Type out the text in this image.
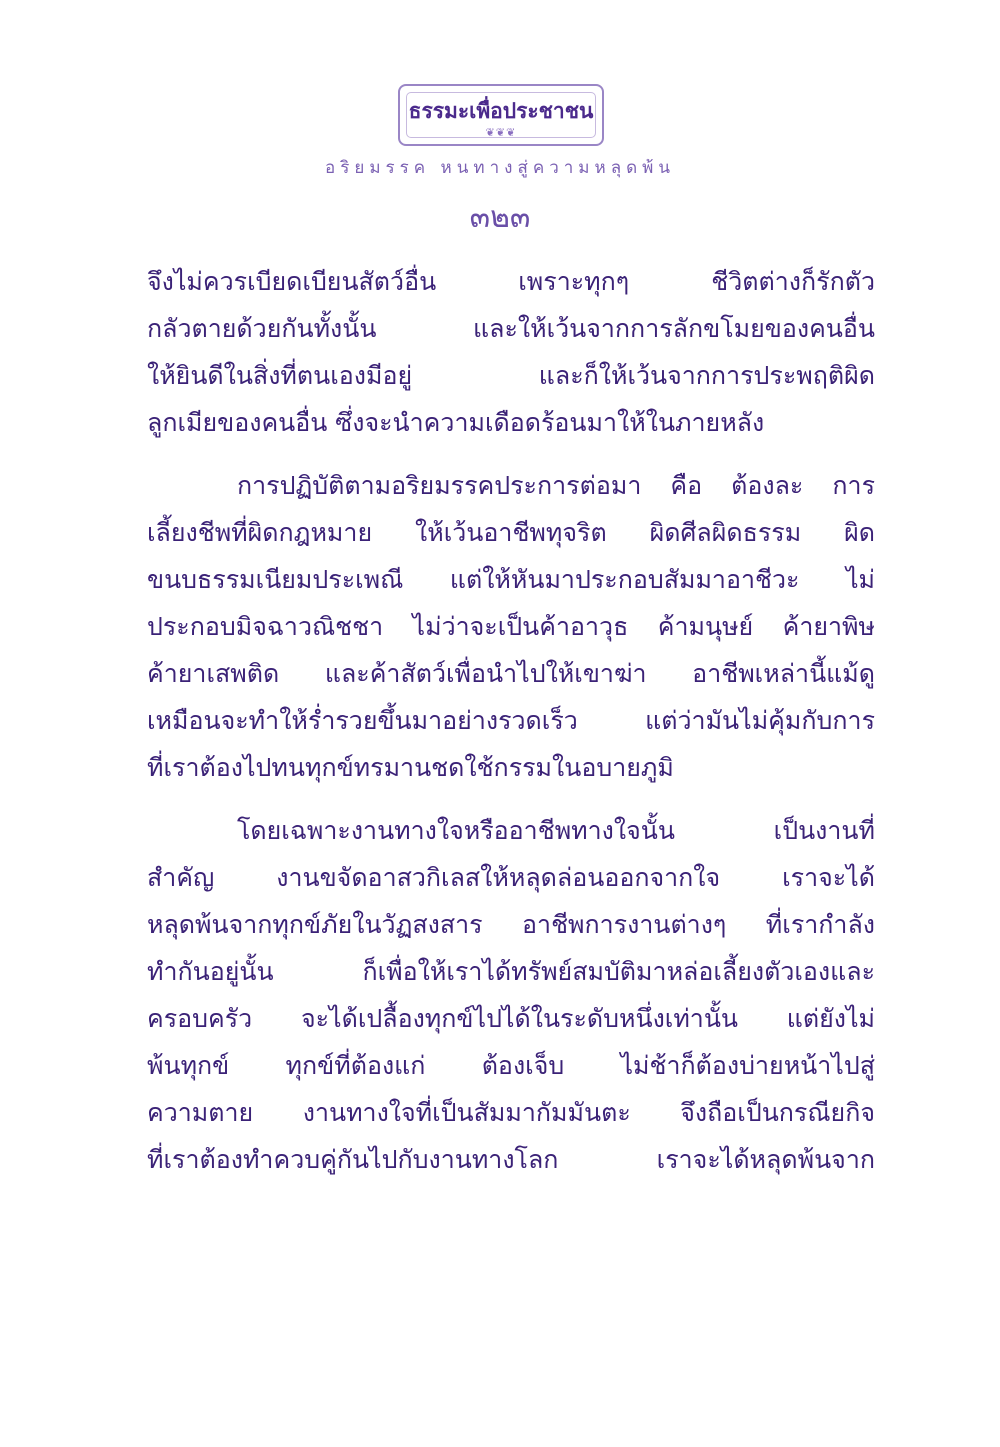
ธรรมะเพื่อประชาชน
❦❦❦
อริยมรรค หนทางสู่ความหลุดพ้น
๓๒๓
จึงไม่ควรเบียดเบียนสัตว์อื่น เพราะทุกๆ ชีวิตต่างก็รักตัว
กลัวตายด้วยกันทั้งนั้น และให้เว้นจากการลักขโมยของคนอื่น
ให้ยินดีในสิ่งที่ตนเองมีอยู่ และก็ให้เว้นจากการประพฤติผิด
ลูกเมียของคนอื่น ซึ่งจะนำความเดือดร้อนมาให้ในภายหลัง
การปฏิบัติตามอริยมรรคประการต่อมา คือ ต้องละ การ
เลี้ยงชีพที่ผิดกฎหมาย ให้เว้นอาชีพทุจริต ผิดศีลผิดธรรม ผิด
ขนบธรรมเนียมประเพณี แต่ให้หันมาประกอบสัมมาอาชีวะ ไม่
ประกอบมิจฉาวณิชชา ไม่ว่าจะเป็นค้าอาวุธ ค้ามนุษย์ ค้ายาพิษ
ค้ายาเสพติด และค้าสัตว์เพื่อนำไปให้เขาฆ่า อาชีพเหล่านี้แม้ดู
เหมือนจะทำให้ร่ำรวยขึ้นมาอย่างรวดเร็ว แต่ว่ามันไม่คุ้มกับการ
ที่เราต้องไปทนทุกข์ทรมานชดใช้กรรมในอบายภูมิ
โดยเฉพาะงานทางใจหรืออาชีพทางใจนั้น เป็นงานที่
สำคัญ งานขจัดอาสวกิเลสให้หลุดล่อนออกจากใจ เราจะได้
หลุดพ้นจากทุกข์ภัยในวัฏสงสาร อาชีพการงานต่างๆ ที่เรากำลัง
ทำกันอยู่นั้น ก็เพื่อให้เราได้ทรัพย์สมบัติมาหล่อเลี้ยงตัวเองและ
ครอบครัว จะได้เปลื้องทุกข์ไปได้ในระดับหนึ่งเท่านั้น แต่ยังไม่
พ้นทุกข์ ทุกข์ที่ต้องแก่ ต้องเจ็บ ไม่ช้าก็ต้องบ่ายหน้าไปสู่
ความตาย งานทางใจที่เป็นสัมมากัมมันตะ จึงถือเป็นกรณียกิจ
ที่เราต้องทำควบคู่กันไปกับงานทางโลก เราจะได้หลุดพ้นจาก
